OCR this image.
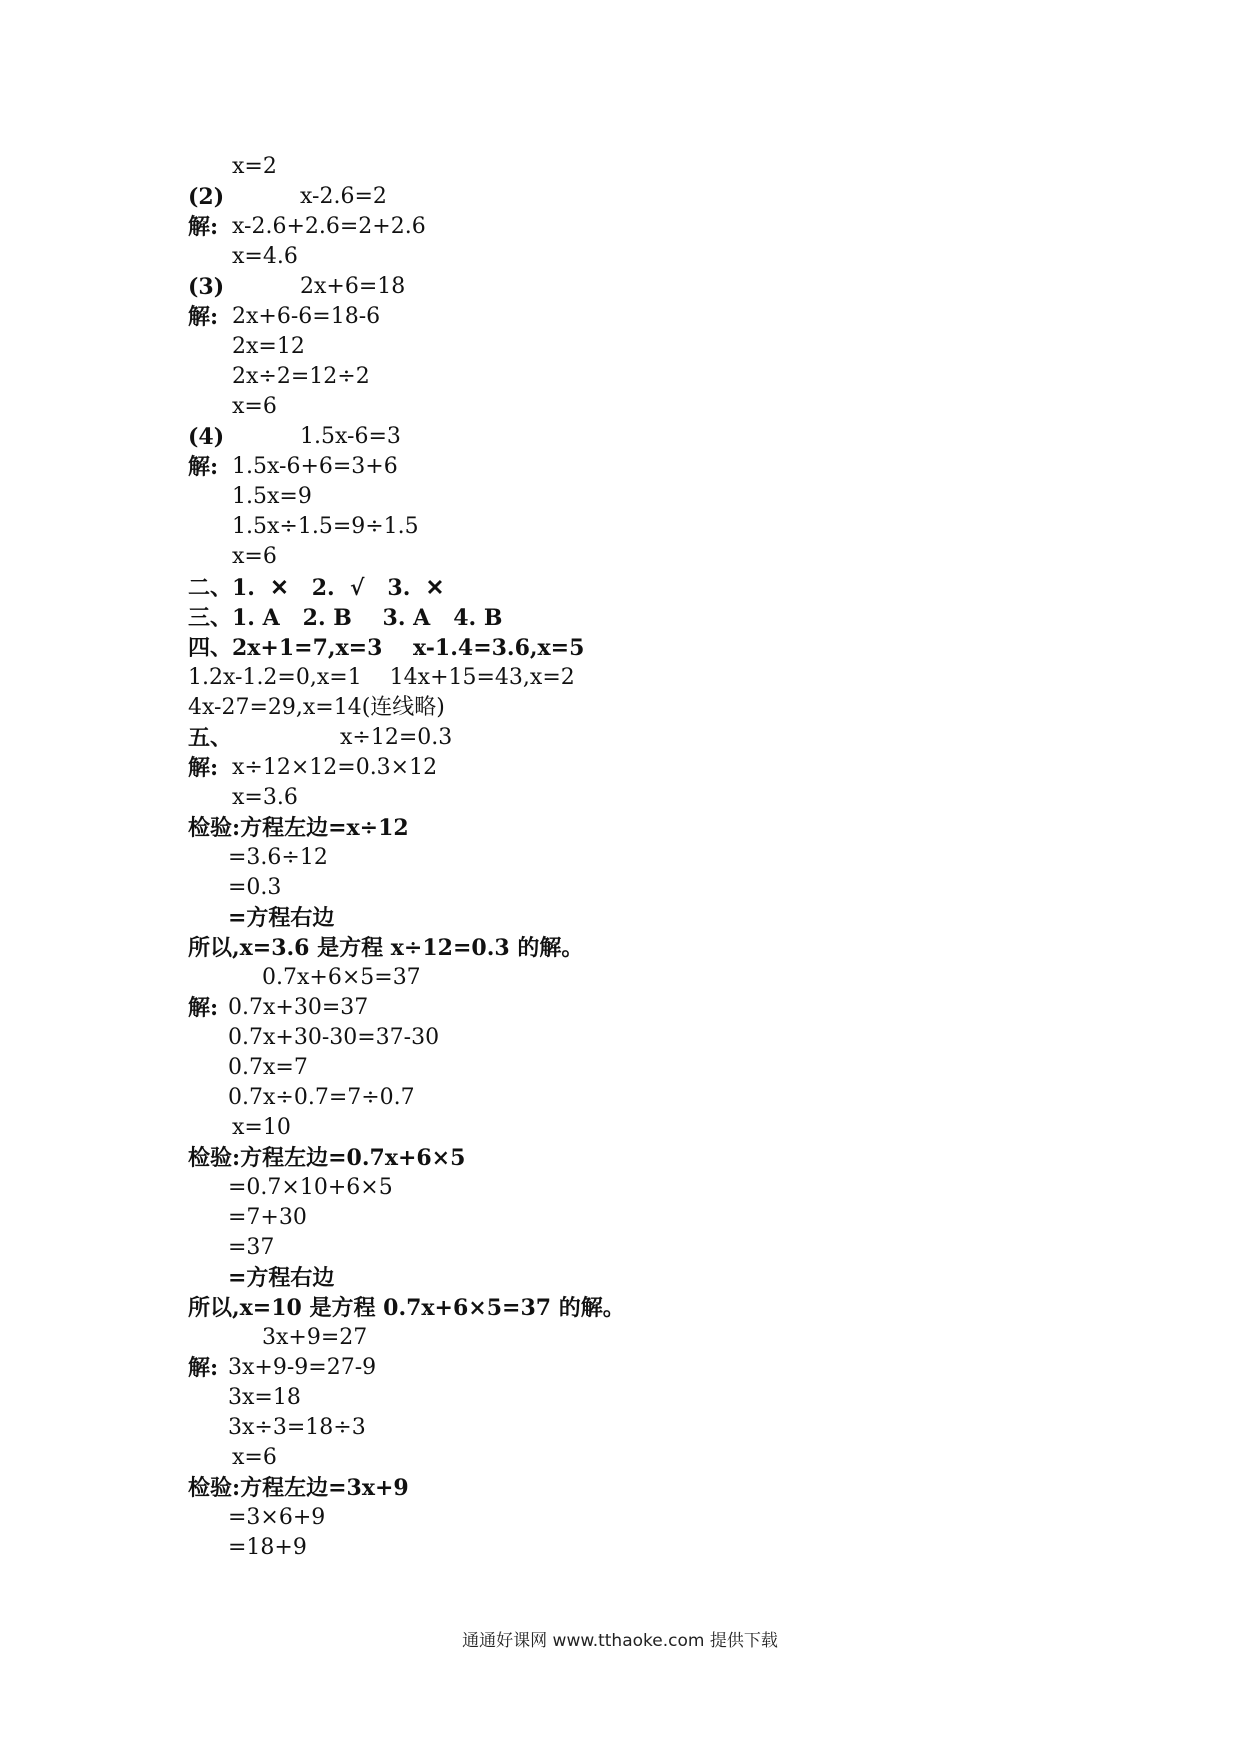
x=2
(2)	x-2.6=2
解: x-2.6+2.6=2+2.6
x=4.6
(3)	2x+6=18
解: 2x+6-6=18-6
2x=12
2x÷2=12÷2
x=6
(4)	1.5x-6=3
解: 1.5x-6+6=3+6
1.5x=9
1.5x÷1.5=9÷1.5
x=6
二、1.  ✕   2.  √   3.  ✕
三、1. A   2. B    3. A   4. B
四、2x+1=7,x=3    x-1.4=3.6,x=5
1.2x-1.2=0,x=1    14x+15=43,x=2
4x-27=29,x=14(连线略)
五、	x÷12=0.3
解: x÷12×12=0.3×12
x=3.6
检验:方程左边=x÷12
=3.6÷12
=0.3
=方程右边
所以,x=3.6 是方程 x÷12=0.3 的解。
0.7x+6×5=37
解: 0.7x+30=37
0.7x+30-30=37-30
0.7x=7
0.7x÷0.7=7÷0.7
x=10
检验:方程左边=0.7x+6×5
=0.7×10+6×5
=7+30
=37
=方程右边
所以,x=10 是方程 0.7x+6×5=37 的解。
3x+9=27
解: 3x+9-9=27-9
3x=18
3x÷3=18÷3
x=6
检验:方程左边=3x+9
=3×6+9
=18+9
通通好课网 www.tthaoke.com 提供下载
